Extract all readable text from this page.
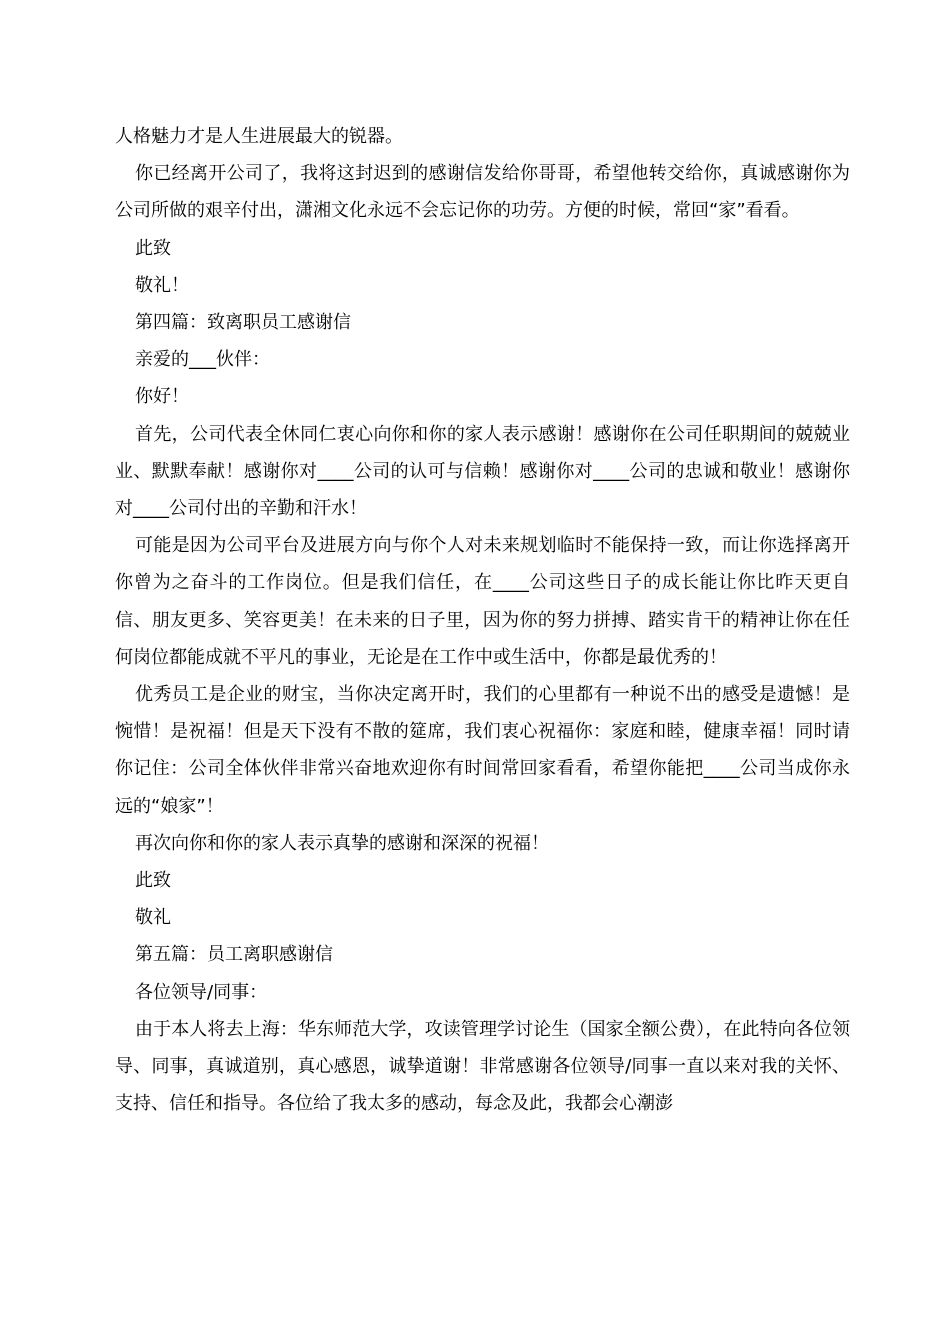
人格魅力才是人生进展最大的锐器。

你已经离开公司了，我将这封迟到的感谢信发给你哥哥，希望他转交给你，真诚感谢你为公司所做的艰辛付出，潇湘文化永远不会忘记你的功劳。方便的时候，常回“家”看看。

此致

敬礼！

第四篇：致离职员工感谢信

亲爱的___伙伴：

你好！

首先，公司代表全休同仁衷心向你和你的家人表示感谢！感谢你在公司任职期间的兢兢业业、默默奉献！感谢你对____公司的认可与信赖！感谢你对____公司的忠诚和敬业！感谢你对____公司付出的辛勤和汗水！

可能是因为公司平台及进展方向与你个人对未来规划临时不能保持一致，而让你选择离开你曾为之奋斗的工作岗位。但是我们信任，在____公司这些日子的成长能让你比昨天更自信、朋友更多、笑容更美！在未来的日子里，因为你的努力拼搏、踏实肯干的精神让你在任何岗位都能成就不平凡的事业，无论是在工作中或生活中，你都是最优秀的！

优秀员工是企业的财宝，当你决定离开时，我们的心里都有一种说不出的感受是遗憾！是惋惜！是祝福！但是天下没有不散的筵席，我们衷心祝福你：家庭和睦，健康幸福！同时请你记住：公司全体伙伴非常兴奋地欢迎你有时间常回家看看，希望你能把____公司当成你永远的“娘家”！

再次向你和你的家人表示真挚的感谢和深深的祝福！

此致

敬礼

第五篇：员工离职感谢信

各位领导/同事：

由于本人将去上海：华东师范大学，攻读管理学讨论生（国家全额公费），在此特向各位领导、同事，真诚道别，真心感恩，诚挚道谢！非常感谢各位领导/同事一直以来对我的关怀、支持、信任和指导。各位给了我太多的感动，每念及此，我都会心潮澎
